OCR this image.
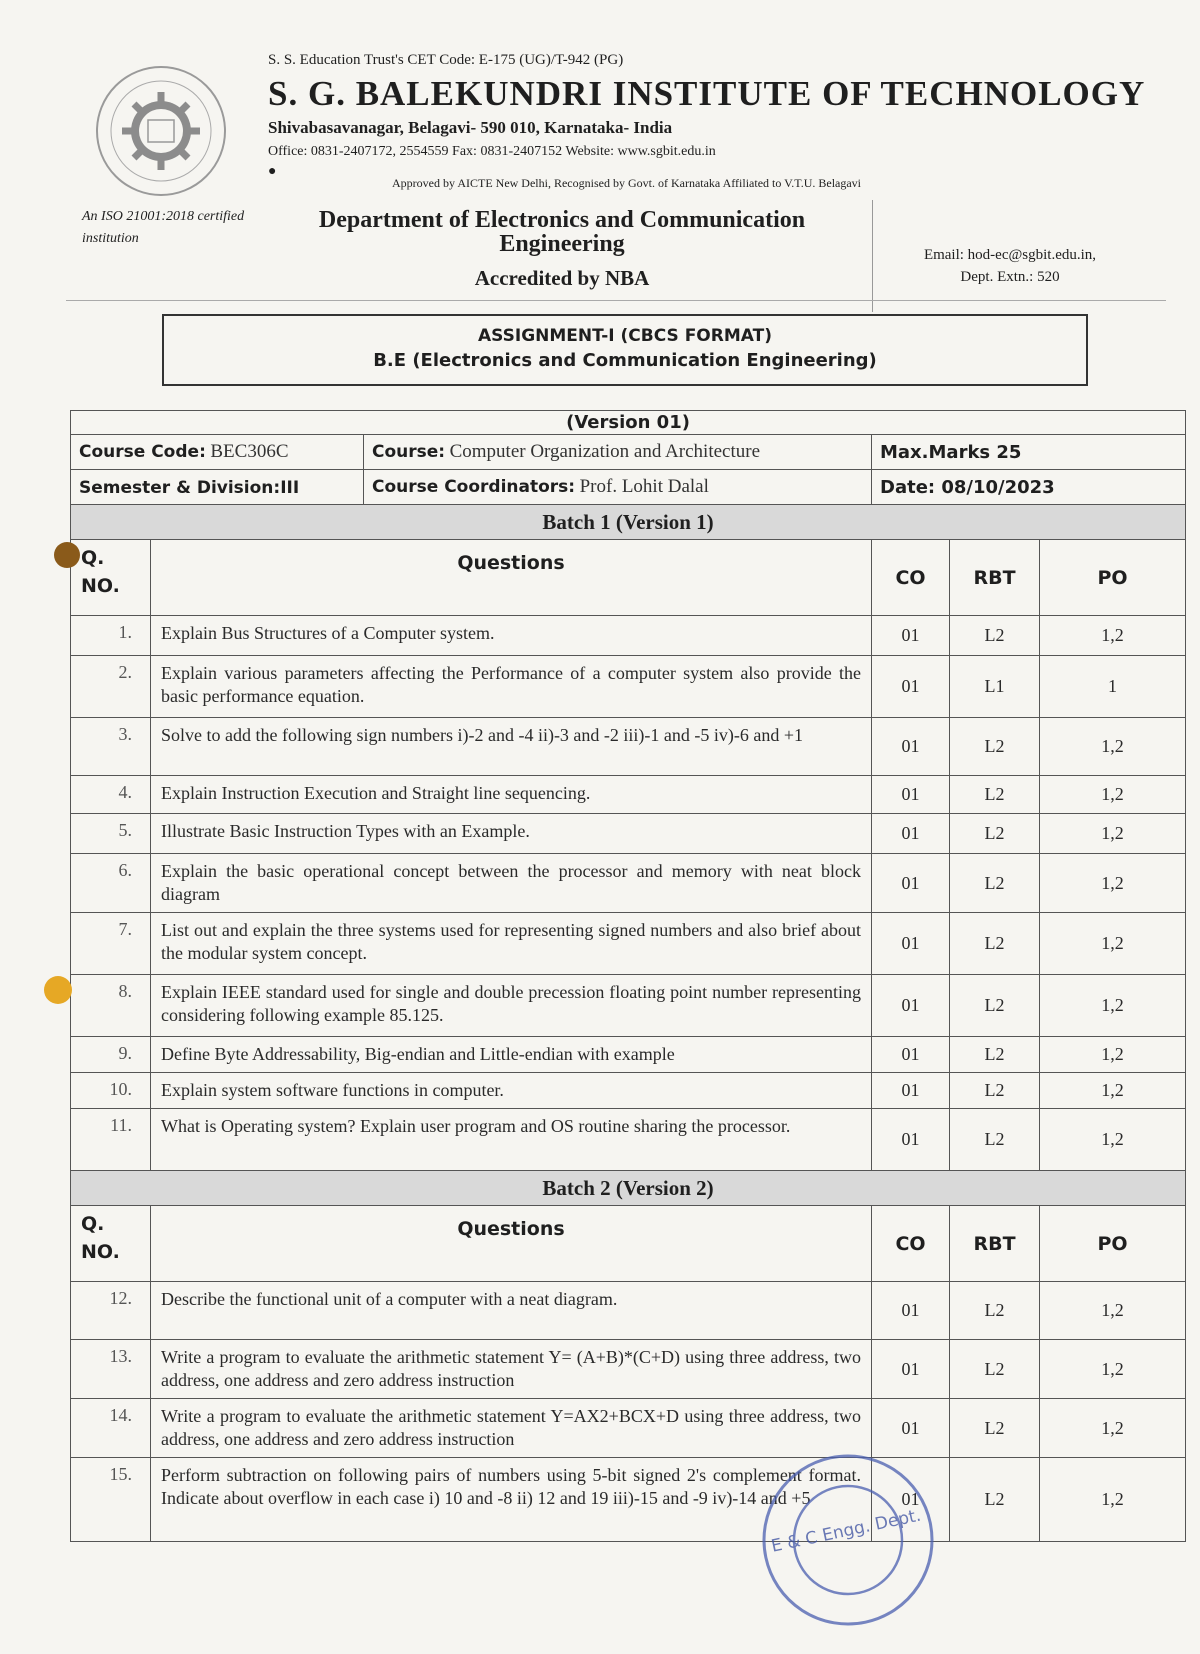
S. S. Education Trust's CET Code: E-175 (UG)/T-942 (PG)
S. G. BALEKUNDRI INSTITUTE OF TECHNOLOGY
Shivabasavanagar, Belagavi- 590 010, Karnataka- India
Office: 0831-2407172, 2554559 Fax: 0831-2407152 Website: www.sgbit.edu.in
●
Approved by AICTE New Delhi, Recognised by Govt. of Karnataka Affiliated to V.T.U. Belagavi
An ISO 21001:2018 certified institution
Department of Electronics and Communication
Engineering
Accredited by NBA
Email: hod-ec@sgbit.edu.in,
Dept. Extn.: 520
ASSIGNMENT-I (CBCS FORMAT)
B.E (Electronics and Communication Engineering)
(Version 01)					
Course Code: BEC306C		Course: Computer Organization and Architecture	Max.Marks 25		
Semester & Division:III		Course Coordinators: Prof. Lohit Dalal	Date: 08/10/2023		
Batch 1 (Version 1)					
Q.
NO.	Questions		CO	RBT	PO
1.	Explain Bus Structures of a Computer system.		01	L2	1,2
2.	Explain various parameters affecting the Performance of a computer system also provide the basic performance equation.		01	L1	1
3.	Solve to add the following sign numbers i)-2 and -4 ii)-3 and -2 iii)-1 and -5 iv)-6 and +1		01	L2	1,2
4.	Explain Instruction Execution and Straight line sequencing.		01	L2	1,2
5.	Illustrate Basic Instruction Types with an Example.		01	L2	1,2
6.	Explain the basic operational concept between the processor and memory with neat block diagram		01	L2	1,2
7.	List out and explain the three systems used for representing signed numbers and also brief about the modular system concept.		01	L2	1,2
8.	Explain IEEE standard used for single and double precession floating point number representing considering following example 85.125.		01	L2	1,2
9.	Define Byte Addressability, Big-endian and Little-endian with example		01	L2	1,2
10.	Explain system software functions in computer.		01	L2	1,2
11.	What is Operating system? Explain user program and OS routine sharing the processor.		01	L2	1,2
Batch 2 (Version 2)					
Q.
NO.	Questions		CO	RBT	PO
12.	Describe the functional unit of a computer with a neat diagram.		01	L2	1,2
13.	Write a program to evaluate the arithmetic statement Y= (A+B)*(C+D) using three address, two address, one address and zero address instruction		01	L2	1,2
14.	Write a program to evaluate the arithmetic statement Y=AX2+BCX+D using three address, two address, one address and zero address instruction		01	L2	1,2
15.	Perform subtraction on following pairs of numbers using 5-bit signed 2's complement format. Indicate about overflow in each case i) 10 and -8 ii) 12 and 19 iii)-15 and -9 iv)-14 and +5		01	L2	1,2
E & C Engg. Dept.
